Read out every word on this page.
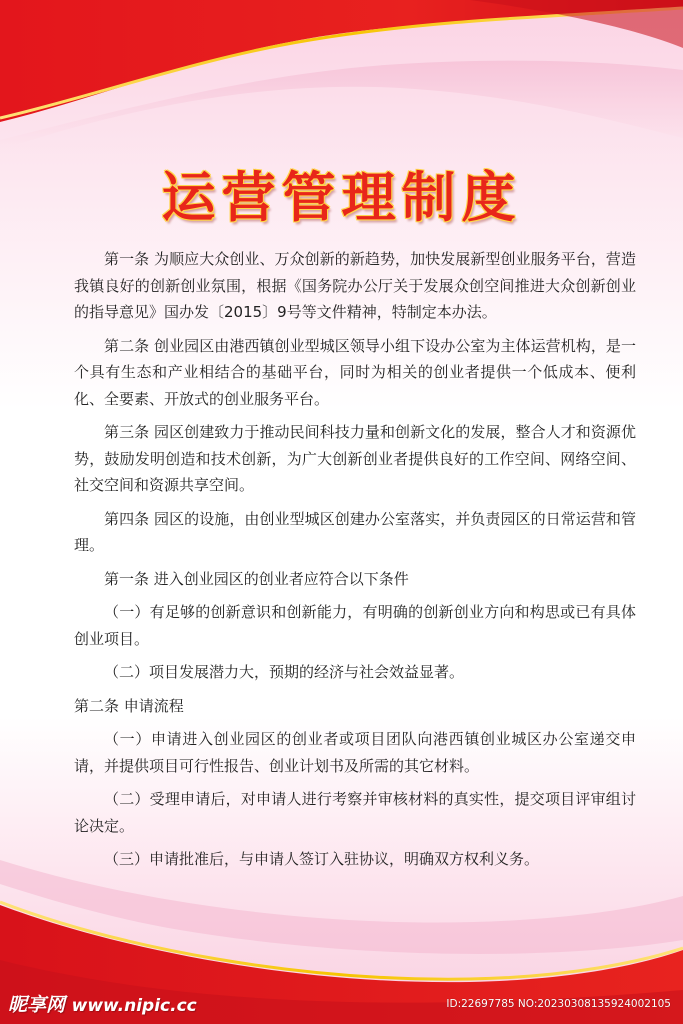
运营管理制度

第一条 为顺应大众创业、万众创新的新趋势，加快发展新型创业服务平台，营造我镇良好的创新创业氛围，根据《国务院办公厅关于发展众创空间推进大众创新创业的指导意见》国办发〔2015〕9号等文件精神，特制定本办法。

第二条 创业园区由港西镇创业型城区领导小组下设办公室为主体运营机构，是一个具有生态和产业相结合的基础平台，同时为相关的创业者提供一个低成本、便利化、全要素、开放式的创业服务平台。

第三条 园区创建致力于推动民间科技力量和创新文化的发展，整合人才和资源优势，鼓励发明创造和技术创新，为广大创新创业者提供良好的工作空间、网络空间、社交空间和资源共享空间。

第四条 园区的设施，由创业型城区创建办公室落实，并负责园区的日常运营和管理。

第一条 进入创业园区的创业者应符合以下条件

（一）有足够的创新意识和创新能力，有明确的创新创业方向和构思或已有具体创业项目。

（二）项目发展潜力大，预期的经济与社会效益显著。

第二条 申请流程

（一）申请进入创业园区的创业者或项目团队向港西镇创业城区办公室递交申请，并提供项目可行性报告、创业计划书及所需的其它材料。

（二）受理申请后，对申请人进行考察并审核材料的真实性，提交项目评审组讨论决定。

（三）申请批准后，与申请人签订入驻协议，明确双方权利义务。

昵享网 www.nipic.cc	ID:22697785 NO:20230308135924002105
